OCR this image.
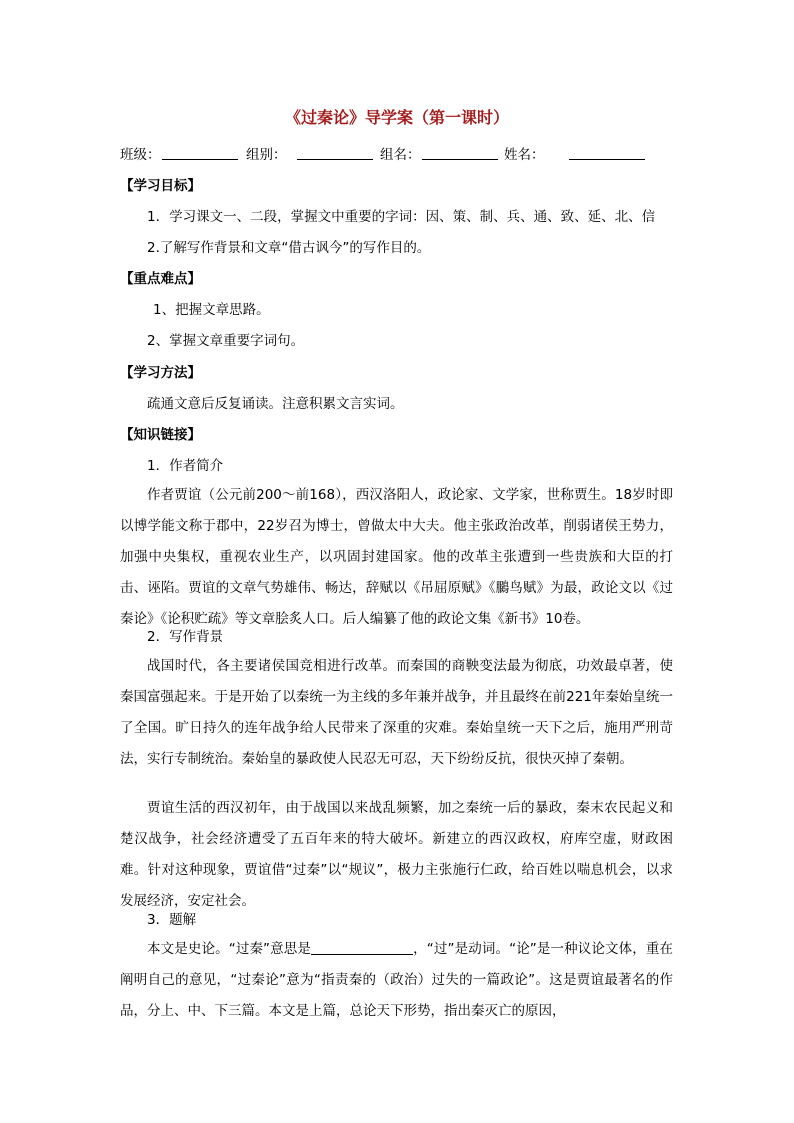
《过秦论》导学案（第一课时）
班级：	组别：	组名：	姓名：
【学习目标】
1．学习课文一、二段，掌握文中重要的字词：因、策、制、兵、通、致、延、北、信
2.了解写作背景和文章“借古讽今”的写作目的。
【重点难点】
1、把握文章思路。
2、掌握文章重要字词句。
【学习方法】
疏通文意后反复诵读。注意积累文言实词。
【知识链接】
1．作者简介
作者贾谊（公元前200～前168），西汉洛阳人，政论家、文学家，世称贾生。18岁时即以博学能文称于郡中，22岁召为博士，曾做太中大夫。他主张政治改革，削弱诸侯王势力，加强中央集权，重视农业生产，以巩固封建国家。他的改革主张遭到一些贵族和大臣的打击、诬陷。贾谊的文章气势雄伟、畅达，辞赋以《吊屈原赋》《鵩鸟赋》为最，政论文以《过秦论》《论积贮疏》等文章脍炙人口。后人编纂了他的政论文集《新书》10卷。
2．写作背景
战国时代，各主要诸侯国竞相进行改革。而秦国的商鞅变法最为彻底，功效最卓著，使秦国富强起来。于是开始了以秦统一为主线的多年兼并战争，并且最终在前221年秦始皇统一了全国。旷日持久的连年战争给人民带来了深重的灾难。秦始皇统一天下之后，施用严刑苛法，实行专制统治。秦始皇的暴政使人民忍无可忍，天下纷纷反抗，很快灭掉了秦朝。
贾谊生活的西汉初年，由于战国以来战乱频繁，加之秦统一后的暴政，秦末农民起义和楚汉战争，社会经济遭受了五百年来的特大破坏。新建立的西汉政权，府库空虚，财政困难。针对这种现象，贾谊借“过秦”以“规议”，极力主张施行仁政，给百姓以喘息机会，以求发展经济，安定社会。
3．题解
本文是史论。“过秦”意思是	，“过”是动词。“论”是一种议论文体，重在阐明自己的意见，“过秦论”意为“指责秦的（政治）过失的一篇政论”。这是贾谊最著名的作品，分上、中、下三篇。本文是上篇，总论天下形势，指出秦灭亡的原因，
